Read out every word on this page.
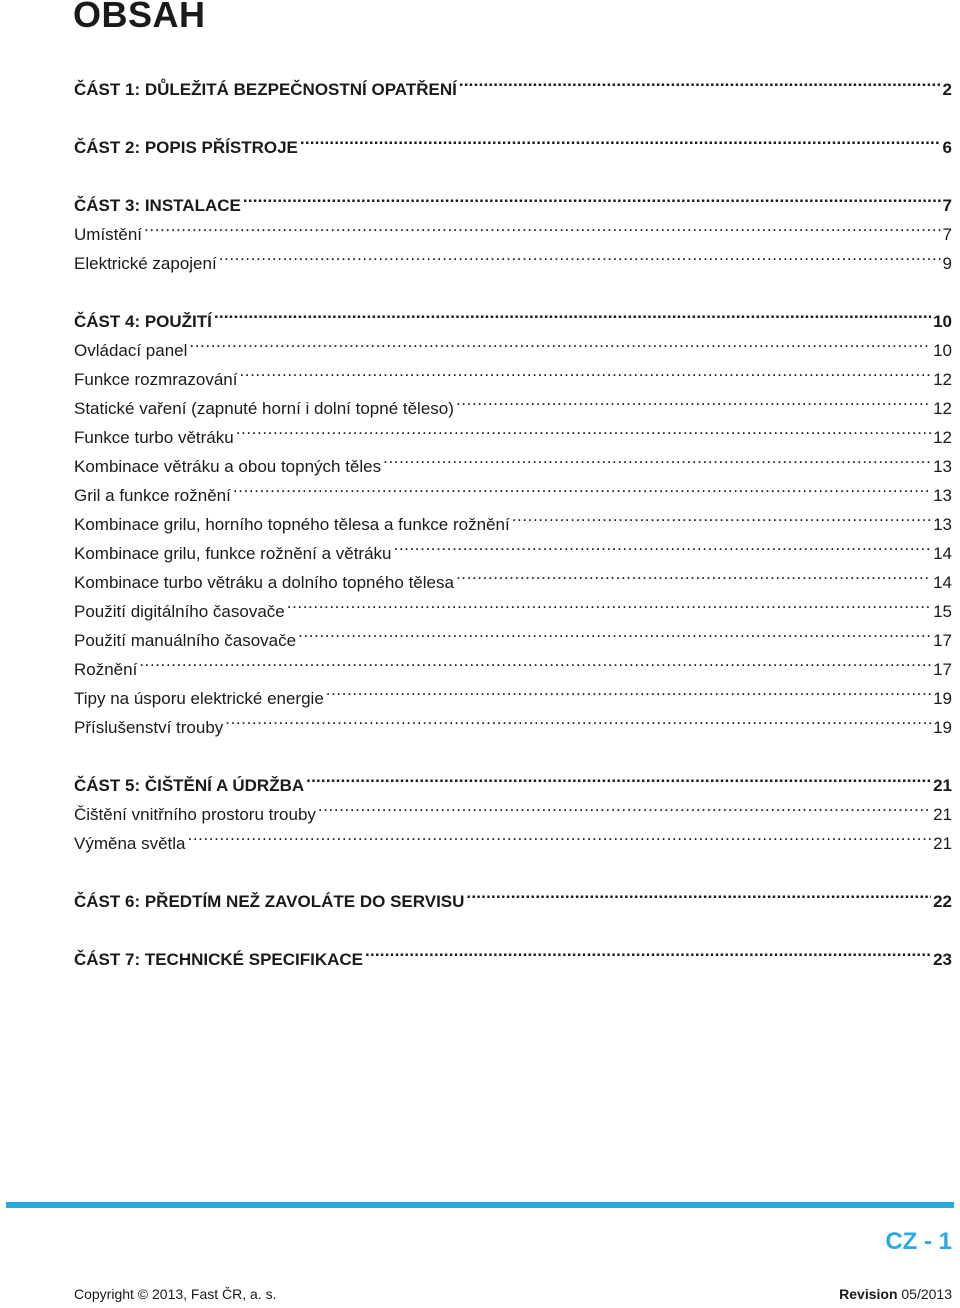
OBSAH
ČÁST 1: DŮLEŽITÁ BEZPEČNOSTNÍ OPATŘENÍ .....	2
ČÁST 2: POPIS PŘÍSTROJE .....	6
ČÁST 3: INSTALACE .....	7
Umístění .....	7
Elektrické zapojení .....	9
ČÁST 4: POUŽITÍ .....	10
Ovládací panel .....	10
Funkce rozmrazování .....	12
Statické vaření (zapnuté horní i dolní topné těleso) .....	12
Funkce turbo větráku .....	12
Kombinace větráku a obou topných těles .....	13
Gril a funkce rožnění .....	13
Kombinace grilu, horního topného tělesa a funkce rožnění .....	13
Kombinace grilu, funkce rožnění a větráku .....	14
Kombinace turbo větráku a dolního topného tělesa .....	14
Použití digitálního časovače .....	15
Použití manuálního časovače .....	17
Rožnění .....	17
Tipy na úsporu elektrické energie .....	19
Příslušenství trouby .....	19
ČÁST 5: ČIŠTĚNÍ A ÚDRŽBA .....	21
Čištění vnitřního prostoru trouby .....	21
Výměna světla .....	21
ČÁST 6: PŘEDTÍM NEŽ ZAVOLÁTE DO SERVISU .....	22
ČÁST 7: TECHNICKÉ SPECIFIKACE .....	23
CZ - 1
Copyright © 2013, Fast ČR, a. s.	Revision 05/2013
